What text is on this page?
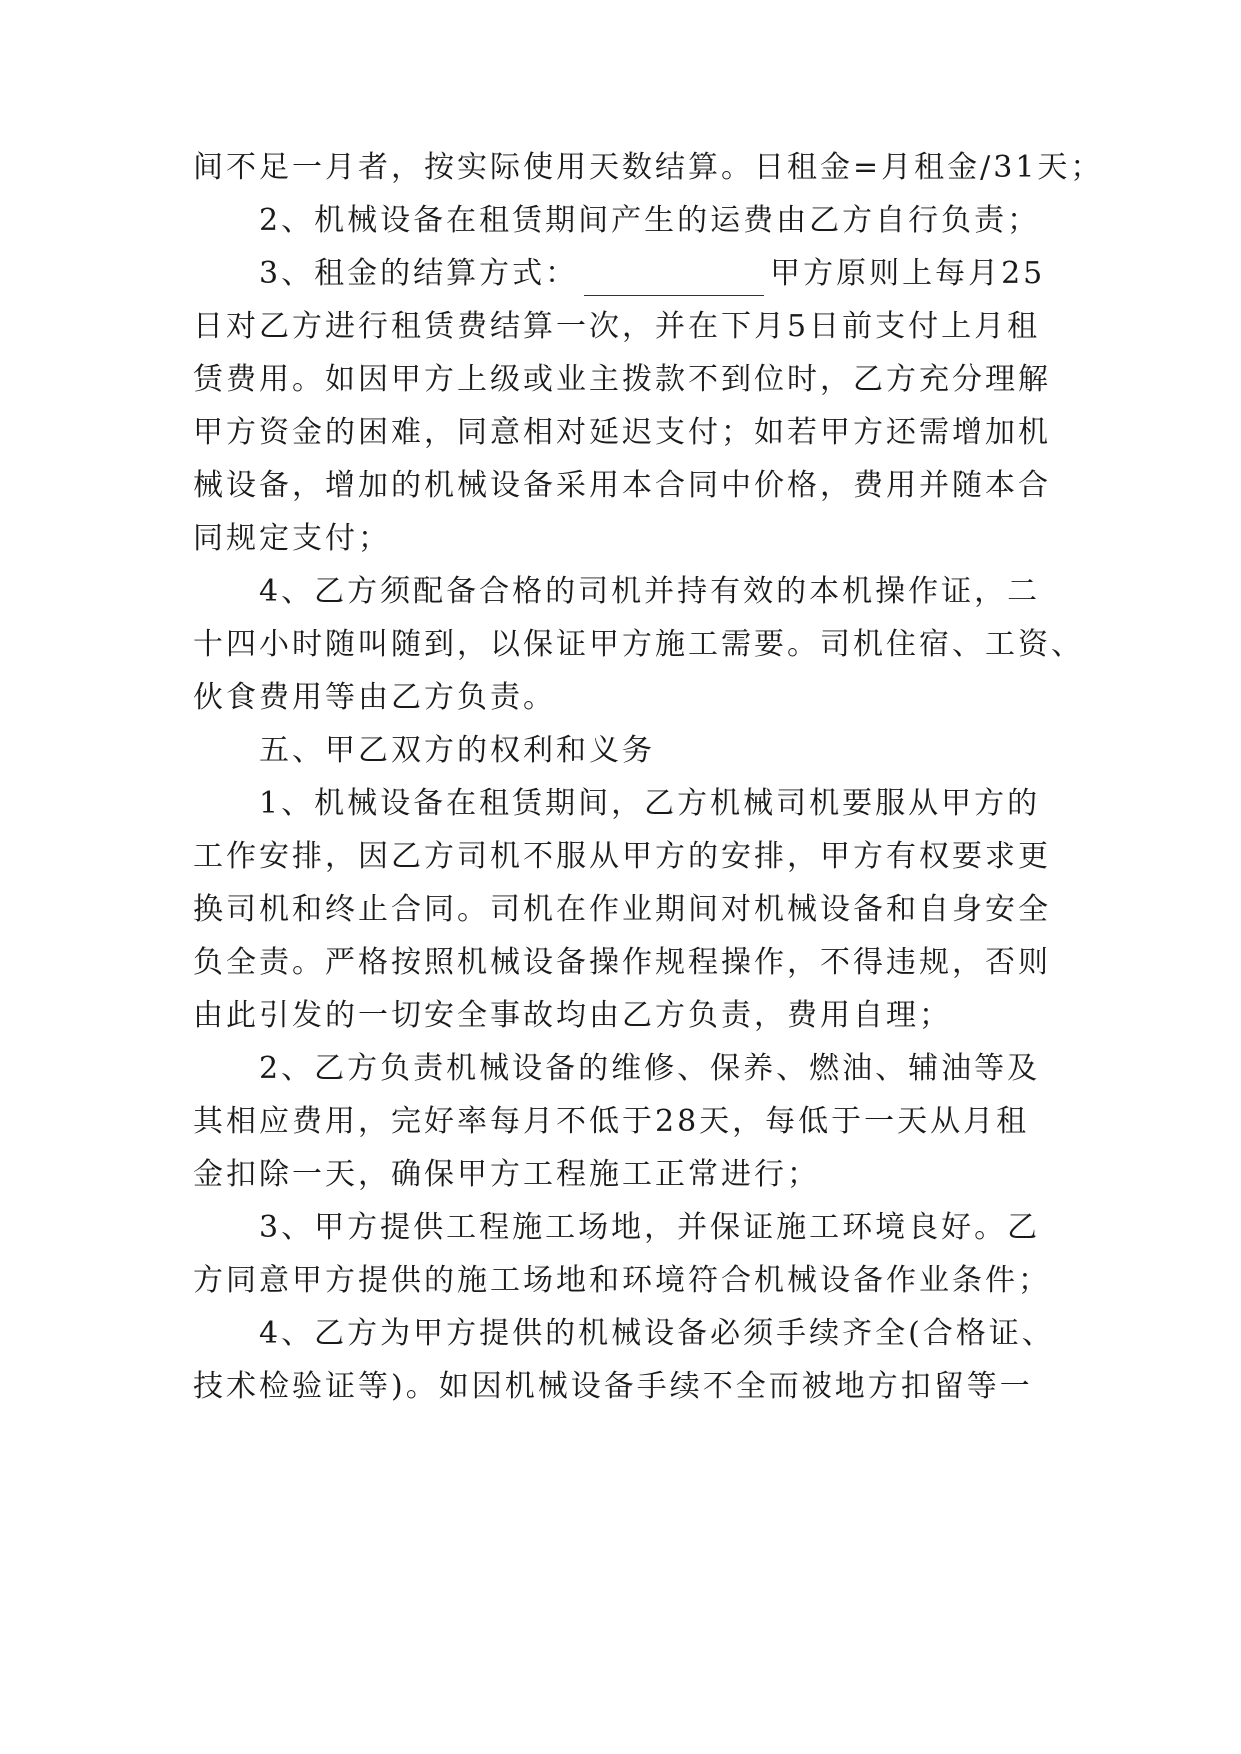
间不足一月者，按实际使用天数结算。日租金=月租金/31天；
　　2、机械设备在租赁期间产生的运费由乙方自行负责；
　　3、租金的结算方式：	甲方原则上每月25
日对乙方进行租赁费结算一次，并在下月5日前支付上月租
赁费用。如因甲方上级或业主拨款不到位时，乙方充分理解
甲方资金的困难，同意相对延迟支付；如若甲方还需增加机
械设备，增加的机械设备采用本合同中价格，费用并随本合
同规定支付；
　　4、乙方须配备合格的司机并持有效的本机操作证，二
十四小时随叫随到，以保证甲方施工需要。司机住宿、工资、
伙食费用等由乙方负责。
　　五、甲乙双方的权利和义务
　　1、机械设备在租赁期间，乙方机械司机要服从甲方的
工作安排，因乙方司机不服从甲方的安排，甲方有权要求更
换司机和终止合同。司机在作业期间对机械设备和自身安全
负全责。严格按照机械设备操作规程操作，不得违规，否则
由此引发的一切安全事故均由乙方负责，费用自理；
　　2、乙方负责机械设备的维修、保养、燃油、辅油等及
其相应费用，完好率每月不低于28天，每低于一天从月租
金扣除一天，确保甲方工程施工正常进行；
　　3、甲方提供工程施工场地，并保证施工环境良好。乙
方同意甲方提供的施工场地和环境符合机械设备作业条件；
　　4、乙方为甲方提供的机械设备必须手续齐全(合格证、
技术检验证等)。如因机械设备手续不全而被地方扣留等一
